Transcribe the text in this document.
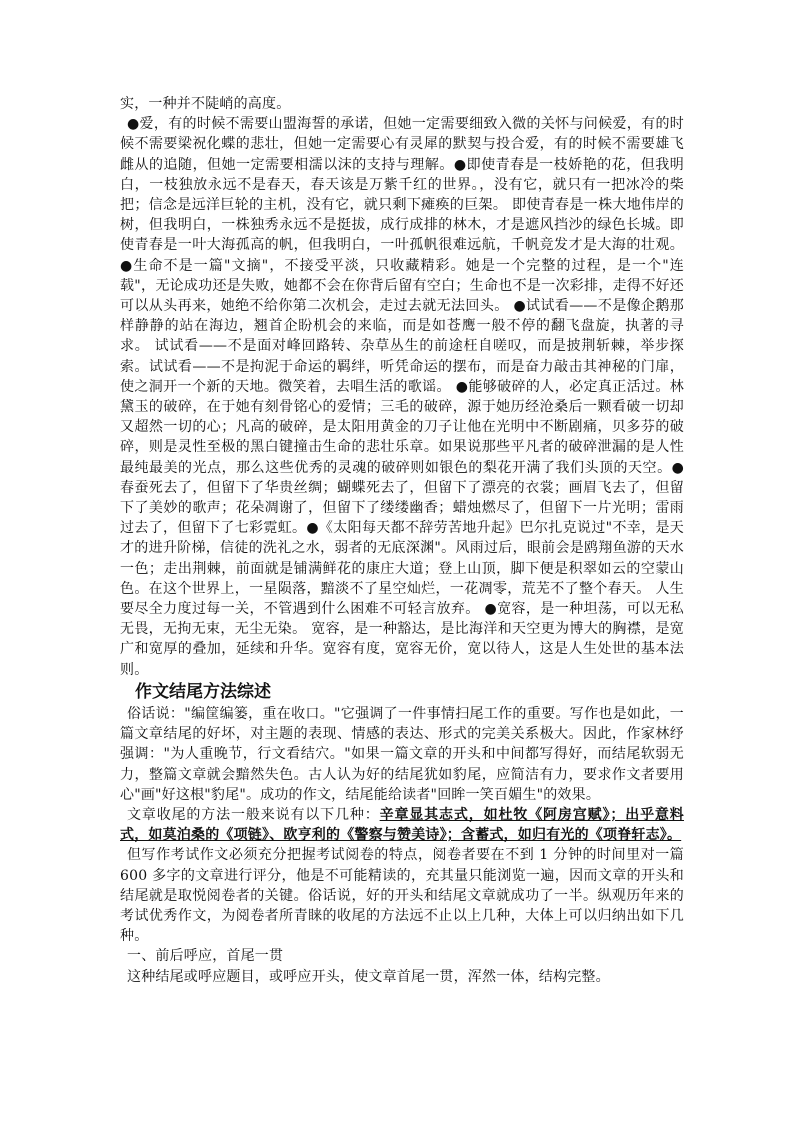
实，一种并不陡峭的高度。

●爱，有的时候不需要山盟海誓的承诺，但她一定需要细致入微的关怀与问候爱，有的时候不需要梁祝化蝶的悲壮，但她一定需要心有灵犀的默契与投合爱，有的时候不需要雄飞雌从的追随，但她一定需要相濡以沫的支持与理解。●即使青春是一枝娇艳的花，但我明白，一枝独放永远不是春天，春天该是万紫千红的世界。，没有它，就只有一把冰冷的柴把；信念是远洋巨轮的主机，没有它，就只剩下瘫痪的巨架。 即使青春是一株大地伟岸的树，但我明白，一株独秀永远不是挺拔，成行成排的林木，才是遮风挡沙的绿色长城。即使青春是一叶大海孤高的帆，但我明白，一叶孤帆很难远航，千帆竞发才是大海的壮观。●生命不是一篇"文摘"，不接受平淡，只收藏精彩。她是一个完整的过程，是一个"连载"，无论成功还是失败，她都不会在你背后留有空白；生命也不是一次彩排，走得不好还可以从头再来，她绝不给你第二次机会，走过去就无法回头。 ●试试看——不是像企鹅那样静静的站在海边，翘首企盼机会的来临，而是如苍鹰一般不停的翻飞盘旋，执著的寻求。 试试看——不是面对峰回路转、杂草丛生的前途枉自嗟叹，而是披荆斩棘，举步探索。试试看——不是拘泥于命运的羁绊，听凭命运的摆布，而是奋力敲击其神秘的门扉，使之洞开一个新的天地。微笑着，去唱生活的歌谣。 ●能够破碎的人，必定真正活过。林黛玉的破碎，在于她有刻骨铭心的爱情；三毛的破碎，源于她历经沧桑后一颗看破一切却又超然一切的心；凡高的破碎，是太阳用黄金的刀子让他在光明中不断剧痛，贝多芬的破碎，则是灵性至极的黑白键撞击生命的悲壮乐章。如果说那些平凡者的破碎泄漏的是人性最纯最美的光点，那么这些优秀的灵魂的破碎则如银色的梨花开满了我们头顶的天空。●春蚕死去了，但留下了华贵丝绸；蝴蝶死去了，但留下了漂亮的衣裳；画眉飞去了，但留下了美妙的歌声；花朵凋谢了，但留下了缕缕幽香；蜡烛燃尽了，但留下一片光明；雷雨过去了，但留下了七彩霓虹。●《太阳每天都不辞劳苦地升起》巴尔扎克说过"不幸，是天才的进升阶梯，信徒的洗礼之水，弱者的无底深渊"。风雨过后，眼前会是鸥翔鱼游的天水一色；走出荆棘，前面就是铺满鲜花的康庄大道；登上山顶，脚下便是积翠如云的空蒙山色。在这个世界上，一星陨落，黯淡不了星空灿烂，一花凋零，荒芜不了整个春天。 人生要尽全力度过每一关，不管遇到什么困难不可轻言放弃。 ●宽容，是一种坦荡，可以无私无畏，无拘无束，无尘无染。 宽容，是一种豁达，是比海洋和天空更为博大的胸襟，是宽广和宽厚的叠加，延续和升华。宽容有度，宽容无价，宽以待人，这是人生处世的基本法则。

作文结尾方法综述

俗话说："编筐编篓，重在收口。"它强调了一件事情扫尾工作的重要。写作也是如此，一篇文章结尾的好坏，对主题的表现、情感的表达、形式的完美关系极大。因此，作家林纾强调："为人重晚节，行文看结穴。"如果一篇文章的开头和中间都写得好，而结尾软弱无力，整篇文章就会黯然失色。古人认为好的结尾犹如豹尾，应简洁有力，要求作文者要用心"画"好这根"豹尾"。成功的作文，结尾能给读者"回眸一笑百媚生"的效果。

文章收尾的方法一般来说有以下几种：辛章显其志式，如杜牧《阿房宫赋》；出乎意料式，如莫泊桑的《项链》、欧亨利的《警察与赞美诗》；含蓄式，如归有光的《项脊轩志》。

但写作考试作文必须充分把握考试阅卷的特点，阅卷者要在不到 1 分钟的时间里对一篇 600 多字的文章进行评分，他是不可能精读的，充其量只能浏览一遍，因而文章的开头和结尾就是取悦阅卷者的关键。俗话说，好的开头和结尾文章就成功了一半。纵观历年来的考试优秀作文，为阅卷者所青睐的收尾的方法远不止以上几种，大体上可以归纳出如下几种。

一、前后呼应，首尾一贯

这种结尾或呼应题目，或呼应开头，使文章首尾一贯，浑然一体，结构完整。
